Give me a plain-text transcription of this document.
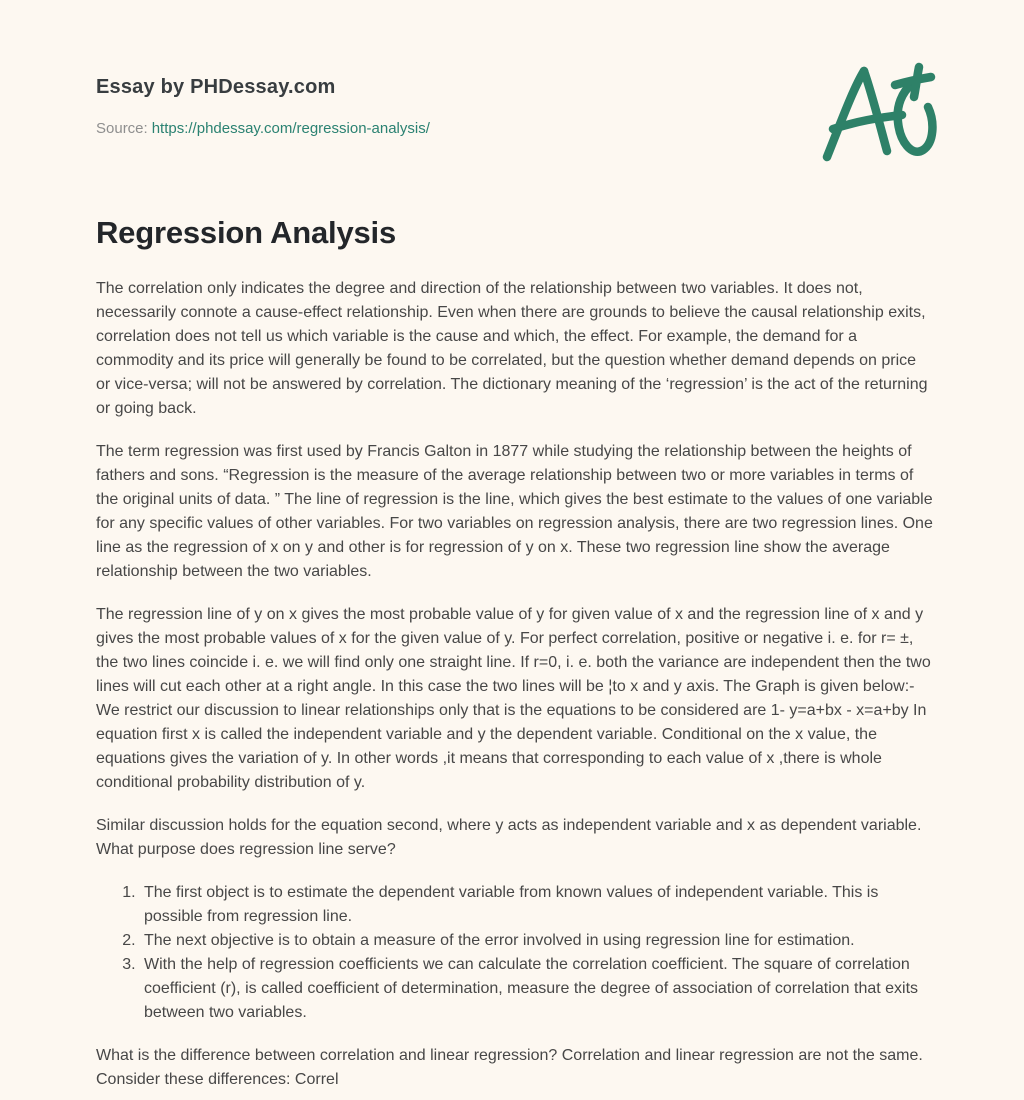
Essay by PHDessay.com
Source: https://phdessay.com/regression-analysis/
Regression Analysis

The correlation only indicates the degree and direction of the relationship between two variables. It does not, necessarily connote a cause-effect relationship. Even when there are grounds to believe the causal relationship exits, correlation does not tell us which variable is the cause and which, the effect. For example, the demand for a commodity and its price will generally be found to be correlated, but the question whether demand depends on price or vice-versa; will not be answered by correlation. The dictionary meaning of the ‘regression’ is the act of the returning or going back.

The term regression was first used by Francis Galton in 1877 while studying the relationship between the heights of fathers and sons. “Regression is the measure of the average relationship between two or more variables in terms of the original units of data. ” The line of regression is the line, which gives the best estimate to the values of one variable for any specific values of other variables. For two variables on regression analysis, there are two regression lines. One line as the regression of x on y and other is for regression of y on x. These two regression line show the average relationship between the two variables.

The regression line of y on x gives the most probable value of y for given value of x and the regression line of x and y gives the most probable values of x for the given value of y. For perfect correlation, positive or negative i. e. for r= ±, the two lines coincide i. e. we will find only one straight line. If r=0, i. e. both the variance are independent then the two lines will cut each other at a right angle. In this case the two lines will be ¦to x and y axis. The Graph is given below:- We restrict our discussion to linear relationships only that is the equations to be considered are 1- y=a+bx - x=a+by In equation first x is called the independent variable and y the dependent variable. Conditional on the x value, the equations gives the variation of y. In other words ,it means that corresponding to each value of x ,there is whole conditional probability distribution of y.

Similar discussion holds for the equation second, where y acts as independent variable and x as dependent variable. What purpose does regression line serve?

1. The first object is to estimate the dependent variable from known values of independent variable. This is possible from regression line.
2. The next objective is to obtain a measure of the error involved in using regression line for estimation.
3. With the help of regression coefficients we can calculate the correlation coefficient. The square of correlation coefficient (r), is called coefficient of determination, measure the degree of association of correlation that exits between two variables.

What is the difference between correlation and linear regression? Correlation and linear regression are not the same. Consider these differences: Correl
